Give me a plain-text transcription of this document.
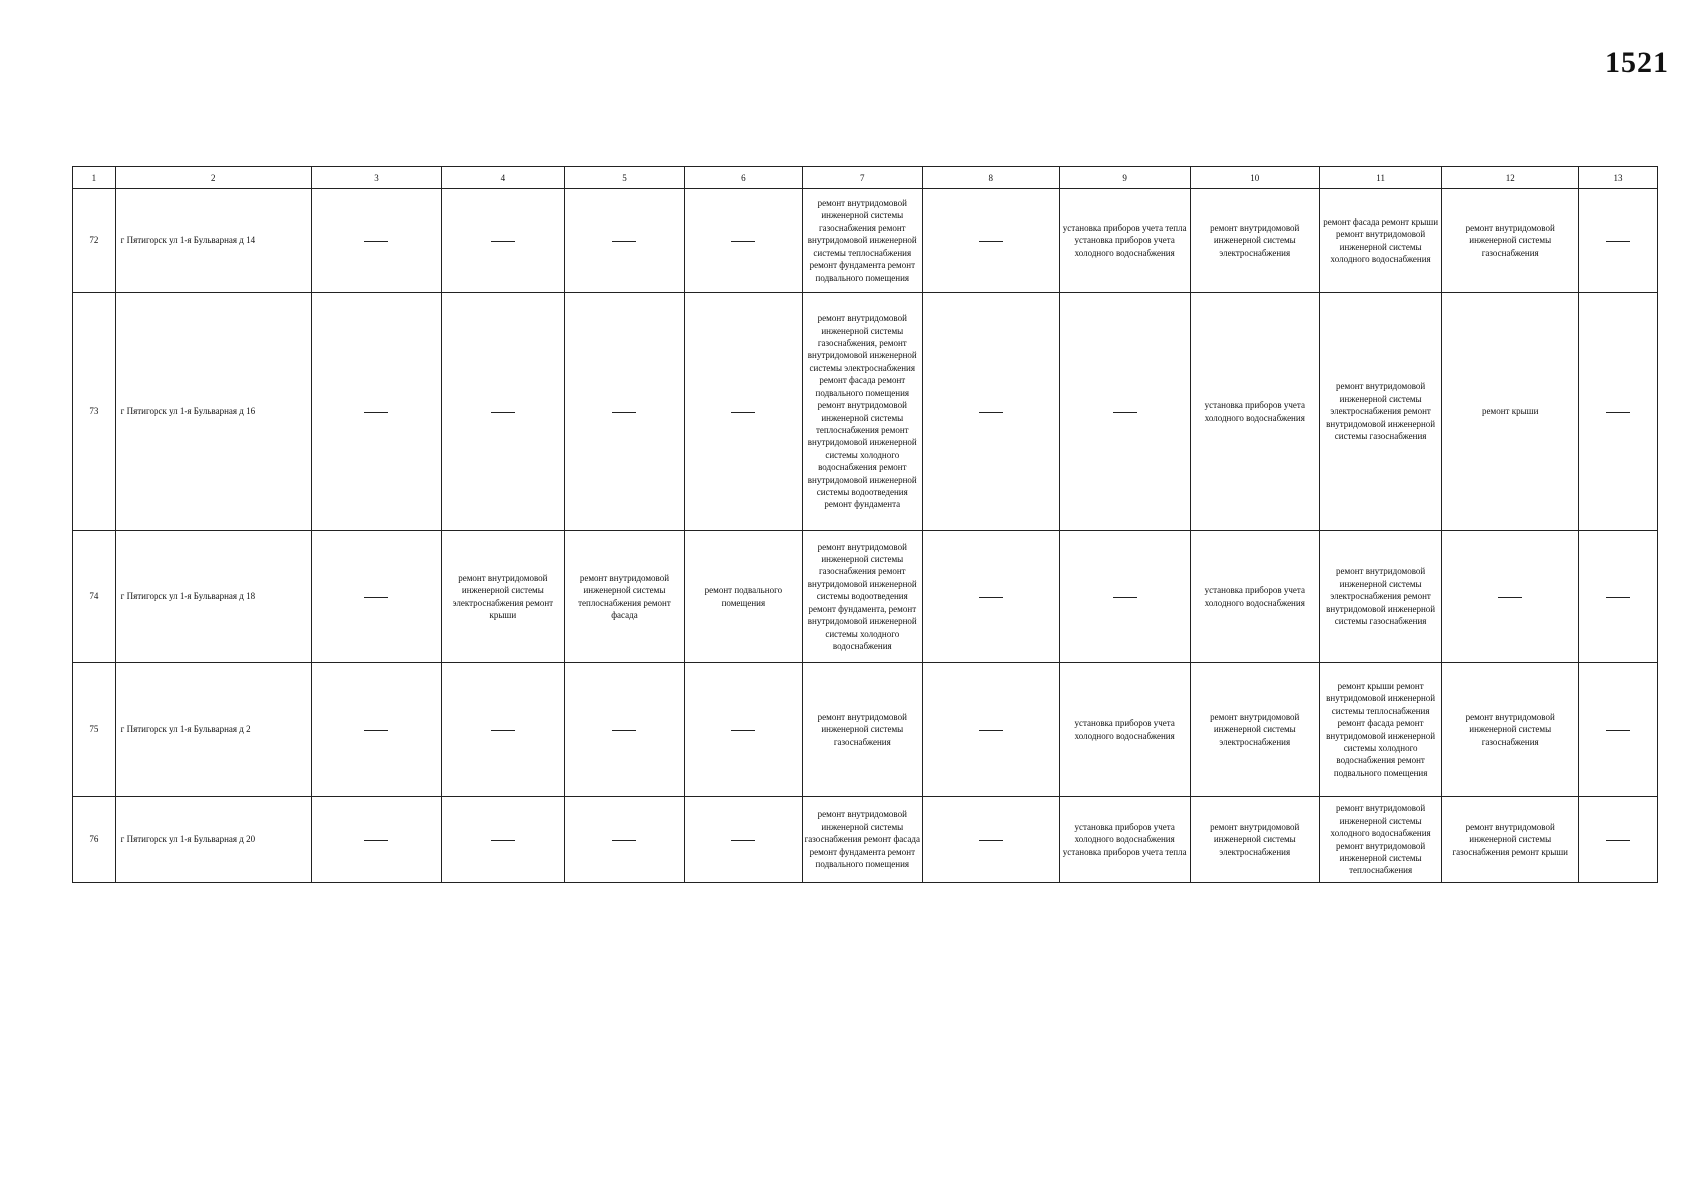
1521
1	2	3	4	5	6	7	8	9	10	11	12	13
72	г Пятигорск ул 1-я Бульварная д 14					ремонт внутридомовой инженерной системы газоснабжения ремонт внутридомовой инженерной системы теплоснабжения ремонт фундамента ремонт подвального помещения		установка приборов учета тепла установка приборов учета холодного водоснабжения	ремонт внутридомовой инженерной системы электроснабжения	ремонт фасада ремонт крыши ремонт внутридомовой инженерной системы холодного водоснабжения	ремонт внутридомовой инженерной системы газоснабжения	
73	г Пятигорск ул 1-я Бульварная д 16					ремонт внутридомовой инженерной системы газоснабжения, ремонт внутридомовой инженерной системы электроснабжения ремонт фасада ремонт подвального помещения ремонт внутридомовой инженерной системы теплоснабжения ремонт внутридомовой инженерной системы холодного водоснабжения ремонт внутридомовой инженерной системы водоотведения ремонт фундамента			установка приборов учета холодного водоснабжения	ремонт внутридомовой инженерной системы электроснабжения ремонт внутридомовой инженерной системы газоснабжения	ремонт крыши	
74	г Пятигорск ул 1-я Бульварная д 18		ремонт внутридомовой инженерной системы электроснабжения ремонт крыши	ремонт внутридомовой инженерной системы теплоснабжения ремонт фасада	ремонт подвального помещения	ремонт внутридомовой инженерной системы газоснабжения ремонт внутридомовой инженерной системы водоотведения ремонт фундамента, ремонт внутридомовой инженерной системы холодного водоснабжения			установка приборов учета холодного водоснабжения	ремонт внутридомовой инженерной системы электроснабжения ремонт внутридомовой инженерной системы газоснабжения		
75	г Пятигорск ул 1-я Бульварная д 2					ремонт внутридомовой инженерной системы газоснабжения		установка приборов учета холодного водоснабжения	ремонт внутридомовой инженерной системы электроснабжения	ремонт крыши ремонт внутридомовой инженерной системы теплоснабжения ремонт фасада ремонт внутридомовой инженерной системы холодного водоснабжения ремонт подвального помещения	ремонт внутридомовой инженерной системы газоснабжения	
76	г Пятигорск ул 1-я Бульварная д 20					ремонт внутридомовой инженерной системы газоснабжения ремонт фасада ремонт фундамента ремонт подвального помещения		установка приборов учета холодного водоснабжения установка приборов учета тепла	ремонт внутридомовой инженерной системы электроснабжения	ремонт внутридомовой инженерной системы холодного водоснабжения ремонт внутридомовой инженерной системы теплоснабжения	ремонт внутридомовой инженерной системы газоснабжения ремонт крыши	
